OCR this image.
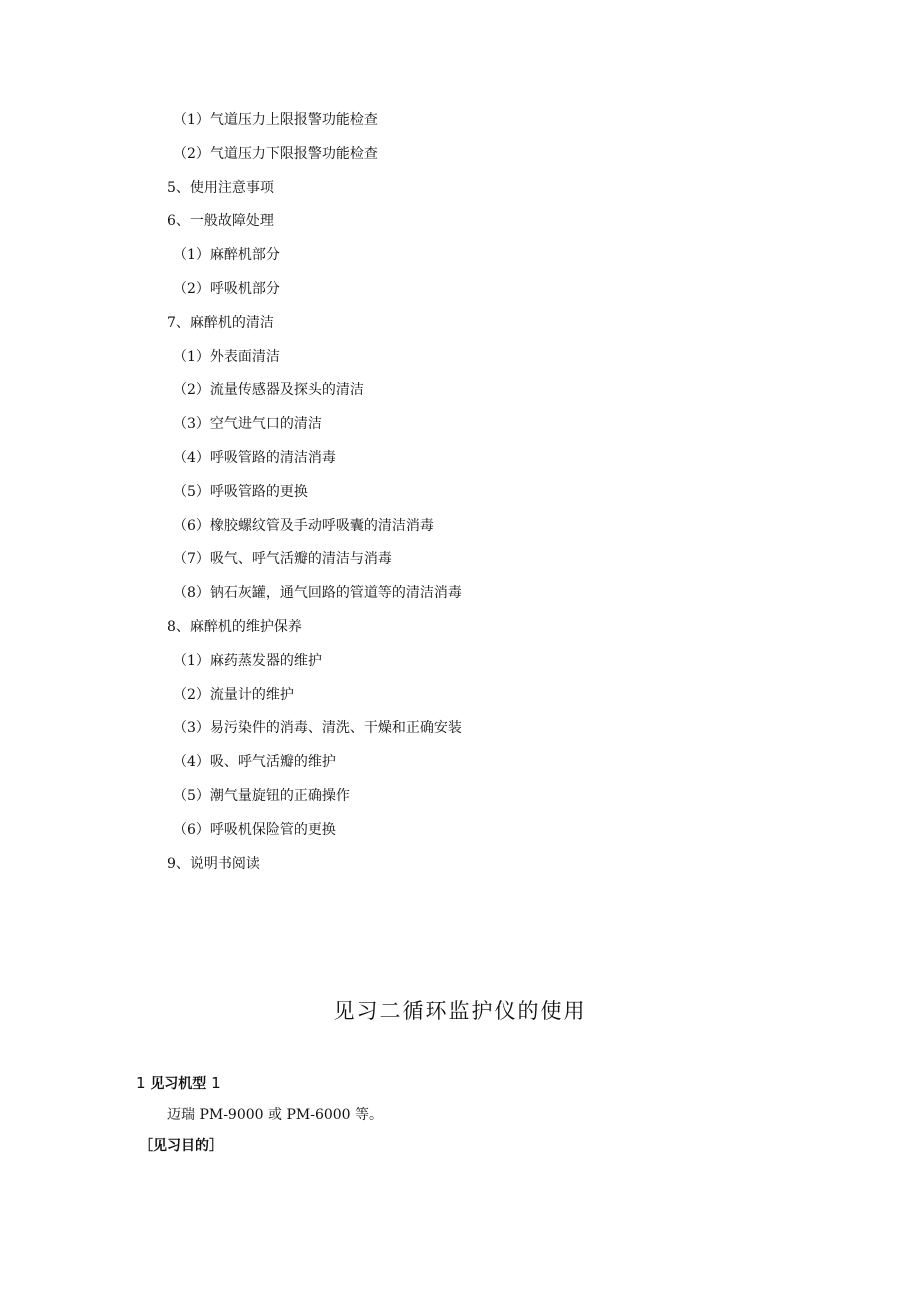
（1）气道压力上限报警功能检查
（2）气道压力下限报警功能检查
5、使用注意事项
6、一般故障处理
（1）麻醉机部分
（2）呼吸机部分
7、麻醉机的清洁
（1）外表面清洁
（2）流量传感器及探头的清洁
（3）空气进气口的清洁
（4）呼吸管路的清洁消毒
（5）呼吸管路的更换
（6）橡胶螺纹管及手动呼吸囊的清洁消毒
（7）吸气、呼气活瓣的清洁与消毒
（8）钠石灰罐，通气回路的管道等的清洁消毒
8、麻醉机的维护保养
（1）麻药蒸发器的维护
（2）流量计的维护
（3）易污染件的消毒、清洗、干燥和正确安装
（4）吸、呼气活瓣的维护
（5）潮气量旋钮的正确操作
（6）呼吸机保险管的更换
9、说明书阅读
见习二循环监护仪的使用
1 见习机型 1

迈瑞 PM-9000 或 PM-6000 等。

［见习目的］
